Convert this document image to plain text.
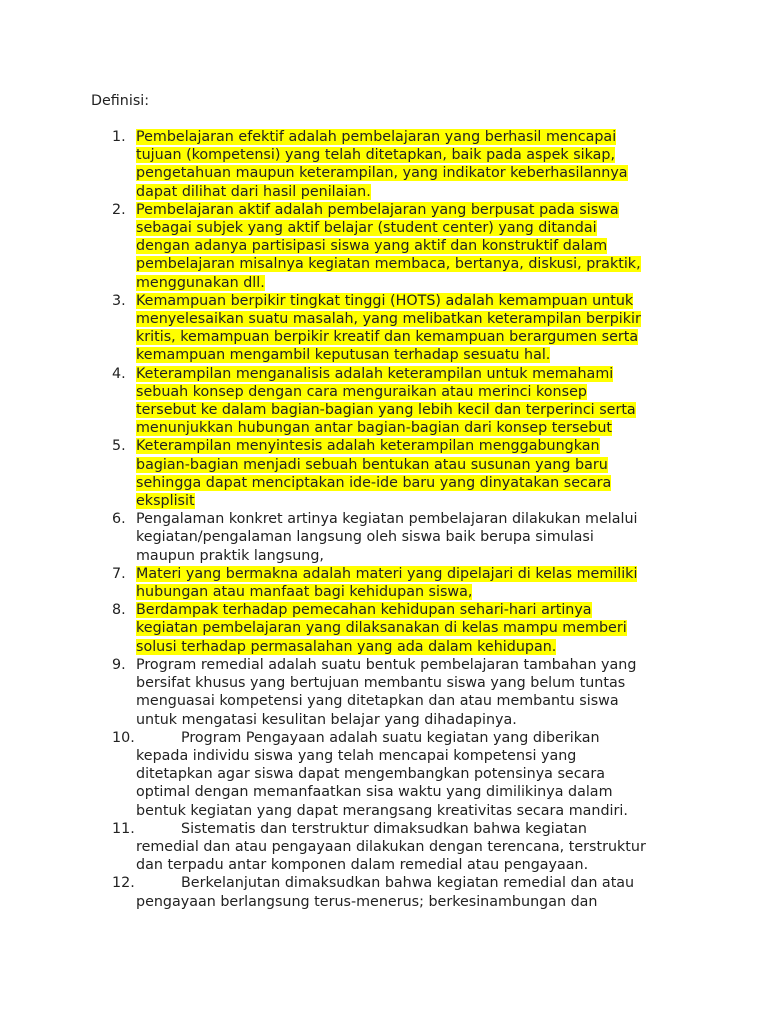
Definisi:

1. Pembelajaran efektif adalah pembelajaran yang berhasil mencapai
tujuan (kompetensi) yang telah ditetapkan, baik pada aspek sikap,
pengetahuan maupun keterampilan, yang indikator keberhasilannya
dapat dilihat dari hasil penilaian.
2. Pembelajaran aktif adalah pembelajaran yang berpusat pada siswa
sebagai subjek yang aktif belajar (student center) yang ditandai
dengan adanya partisipasi siswa yang aktif dan konstruktif dalam
pembelajaran misalnya kegiatan membaca, bertanya, diskusi, praktik,
menggunakan dll.
3. Kemampuan berpikir tingkat tinggi (HOTS) adalah kemampuan untuk
menyelesaikan suatu masalah, yang melibatkan keterampilan berpikir
kritis, kemampuan berpikir kreatif dan kemampuan berargumen serta
kemampuan mengambil keputusan terhadap sesuatu hal.
4. Keterampilan menganalisis adalah keterampilan untuk memahami
sebuah konsep dengan cara menguraikan atau merinci konsep
tersebut ke dalam bagian-bagian yang lebih kecil dan terperinci serta
menunjukkan hubungan antar bagian-bagian dari konsep tersebut
5. Keterampilan menyintesis adalah keterampilan menggabungkan
bagian-bagian menjadi sebuah bentukan atau susunan yang baru
sehingga dapat menciptakan ide-ide baru yang dinyatakan secara
eksplisit
6. Pengalaman konkret artinya kegiatan pembelajaran dilakukan melalui
kegiatan/pengalaman langsung oleh siswa baik berupa simulasi
maupun praktik langsung,
7. Materi yang bermakna adalah materi yang dipelajari di kelas memiliki
hubungan atau manfaat bagi kehidupan siswa,
8. Berdampak terhadap pemecahan kehidupan sehari-hari artinya
kegiatan pembelajaran yang dilaksanakan di kelas mampu memberi
solusi terhadap permasalahan yang ada dalam kehidupan.
9. Program remedial adalah suatu bentuk pembelajaran tambahan yang
bersifat khusus yang bertujuan membantu siswa yang belum tuntas
menguasai kompetensi yang ditetapkan dan atau membantu siswa
untuk mengatasi kesulitan belajar yang dihadapinya.
10.	Program Pengayaan adalah suatu kegiatan yang diberikan
kepada individu siswa yang telah mencapai kompetensi yang
ditetapkan agar siswa dapat mengembangkan potensinya secara
optimal dengan memanfaatkan sisa waktu yang dimilikinya dalam
bentuk kegiatan yang dapat merangsang kreativitas secara mandiri.
11.	Sistematis dan terstruktur dimaksudkan bahwa kegiatan
remedial dan atau pengayaan dilakukan dengan terencana, terstruktur
dan terpadu antar komponen dalam remedial atau pengayaan.
12.	Berkelanjutan dimaksudkan bahwa kegiatan remedial dan atau
pengayaan berlangsung terus-menerus; berkesinambungan dan
